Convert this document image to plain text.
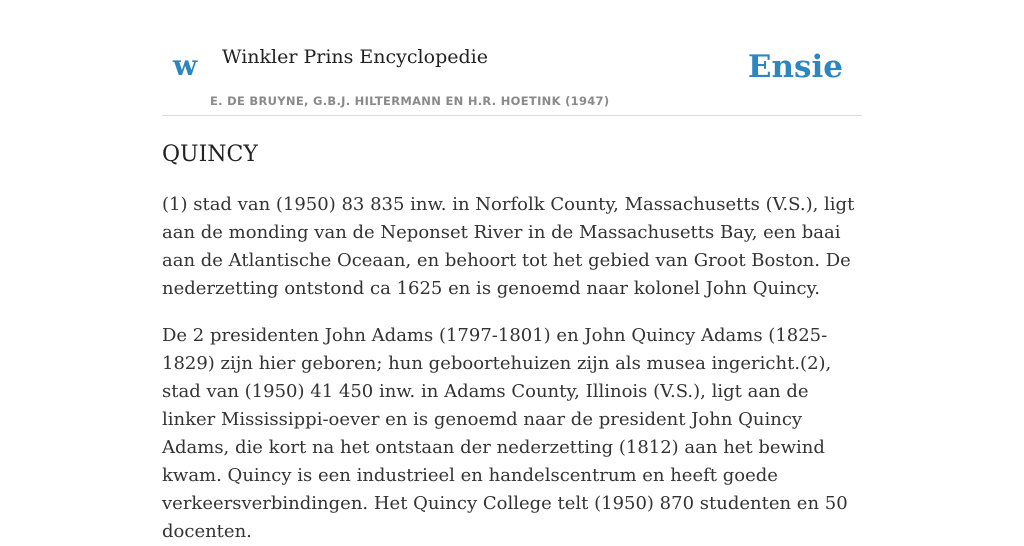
w Winkler Prins Encyclopedie
E. DE BRUYNE, G.B.J. HILTERMANN EN H.R. HOETINK (1947)
Ensie
QUINCY

(1) stad van (1950) 83 835 inw. in Norfolk County, Massachusetts (V.S.), ligt aan de monding van de Neponset River in de Massachusetts Bay, een baai aan de Atlantische Oceaan, en behoort tot het gebied van Groot Boston. De nederzetting ontstond ca 1625 en is genoemd naar kolonel John Quincy.

De 2 presidenten John Adams (1797-1801) en John Quincy Adams (1825-1829) zijn hier geboren; hun geboortehuizen zijn als musea ingericht.(2), stad van (1950) 41 450 inw. in Adams County, Illinois (V.S.), ligt aan de linker Mississippi-oever en is genoemd naar de president John Quincy Adams, die kort na het ontstaan der nederzetting (1812) aan het bewind kwam. Quincy is een industrieel en handelscentrum en heeft goede verkeersverbindingen. Het Quincy College telt (1950) 870 studenten en 50 docenten.
